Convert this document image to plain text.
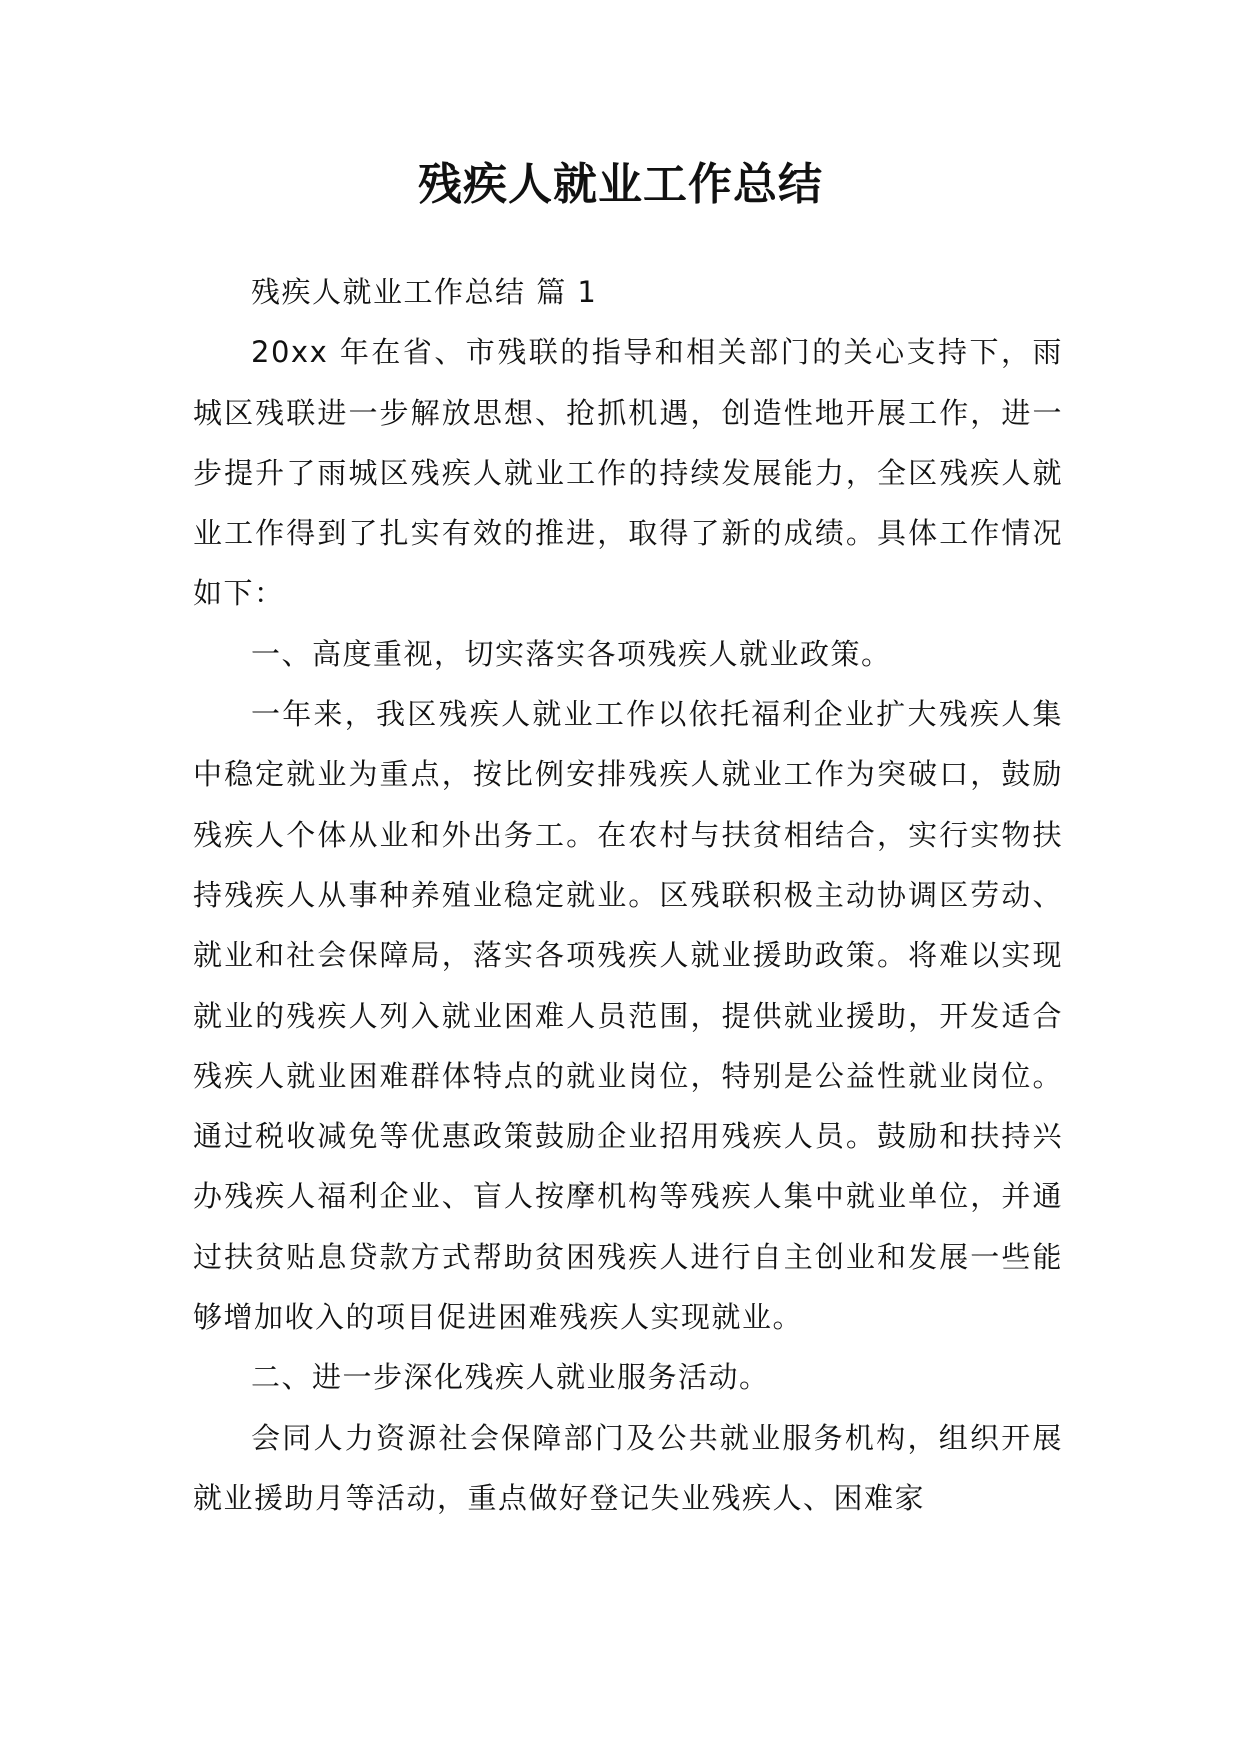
残疾人就业工作总结

残疾人就业工作总结 篇 1

20xx 年在省、市残联的指导和相关部门的关心支持下，雨城区残联进一步解放思想、抢抓机遇，创造性地开展工作，进一步提升了雨城区残疾人就业工作的持续发展能力，全区残疾人就业工作得到了扎实有效的推进，取得了新的成绩。具体工作情况如下：

一、高度重视，切实落实各项残疾人就业政策。

一年来，我区残疾人就业工作以依托福利企业扩大残疾人集中稳定就业为重点，按比例安排残疾人就业工作为突破口，鼓励残疾人个体从业和外出务工。在农村与扶贫相结合，实行实物扶持残疾人从事种养殖业稳定就业。区残联积极主动协调区劳动、就业和社会保障局，落实各项残疾人就业援助政策。将难以实现就业的残疾人列入就业困难人员范围，提供就业援助，开发适合残疾人就业困难群体特点的就业岗位，特别是公益性就业岗位。通过税收减免等优惠政策鼓励企业招用残疾人员。鼓励和扶持兴办残疾人福利企业、盲人按摩机构等残疾人集中就业单位，并通过扶贫贴息贷款方式帮助贫困残疾人进行自主创业和发展一些能够增加收入的项目促进困难残疾人实现就业。

二、进一步深化残疾人就业服务活动。

会同人力资源社会保障部门及公共就业服务机构，组织开展就业援助月等活动，重点做好登记失业残疾人、困难家
